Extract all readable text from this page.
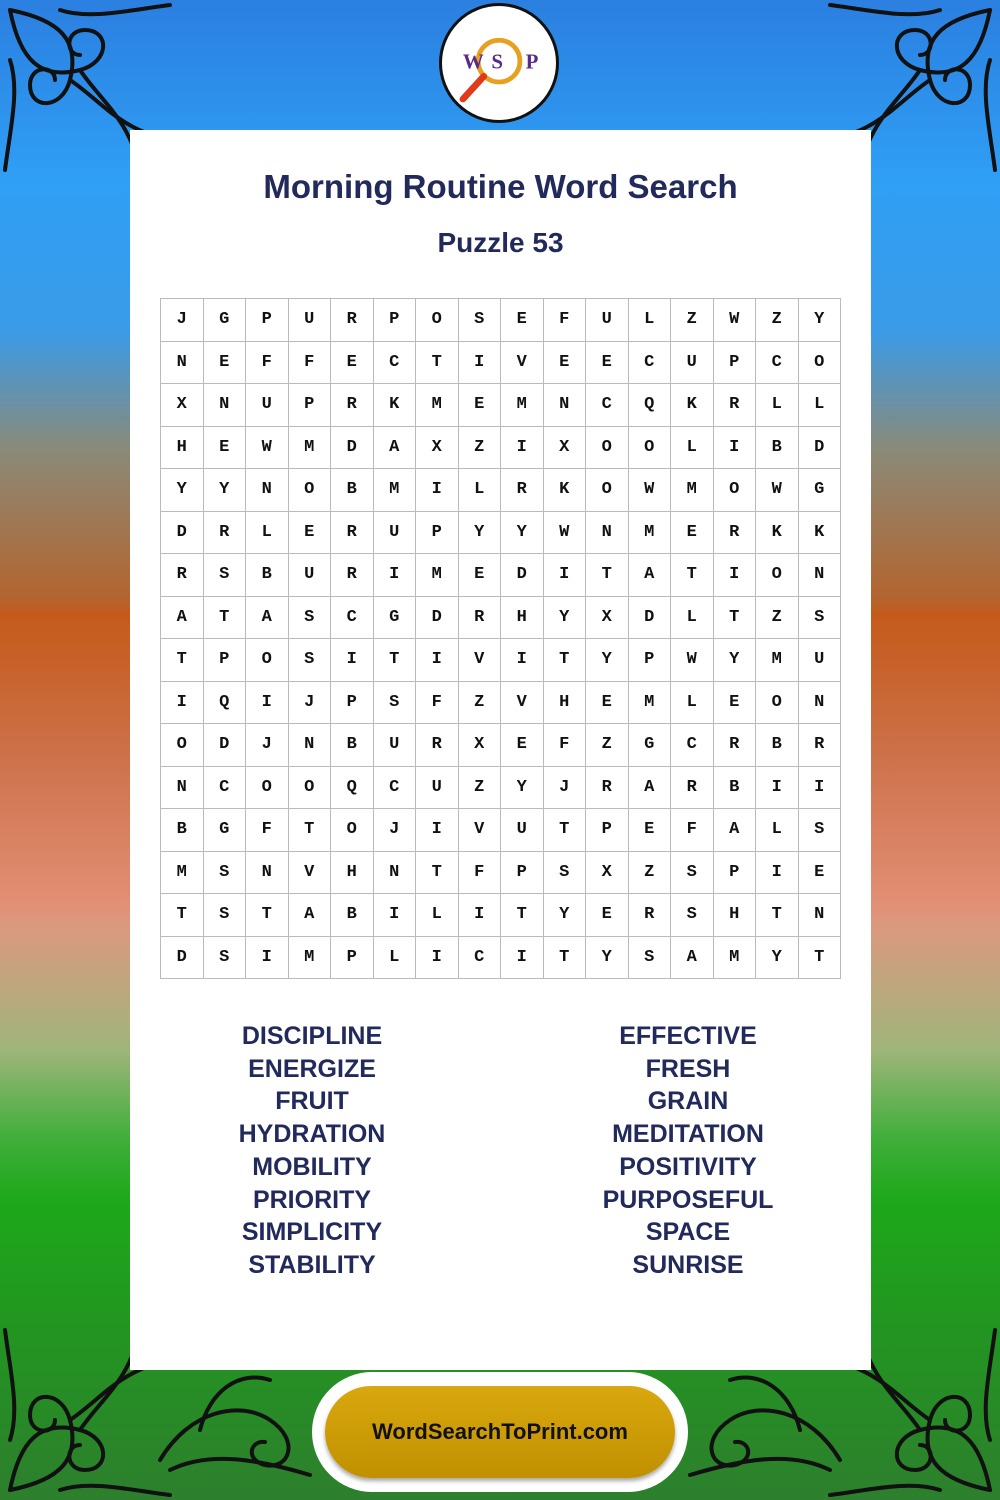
W S P
Morning Routine Word Search
Puzzle 53
J	G	P	U	R	P	O	S	E	F	U	L	Z	W	Z	Y
N	E	F	F	E	C	T	I	V	E	E	C	U	P	C	O
X	N	U	P	R	K	M	E	M	N	C	Q	K	R	L	L
H	E	W	M	D	A	X	Z	I	X	O	O	L	I	B	D
Y	Y	N	O	B	M	I	L	R	K	O	W	M	O	W	G
D	R	L	E	R	U	P	Y	Y	W	N	M	E	R	K	K
R	S	B	U	R	I	M	E	D	I	T	A	T	I	O	N
A	T	A	S	C	G	D	R	H	Y	X	D	L	T	Z	S
T	P	O	S	I	T	I	V	I	T	Y	P	W	Y	M	U
I	Q	I	J	P	S	F	Z	V	H	E	M	L	E	O	N
O	D	J	N	B	U	R	X	E	F	Z	G	C	R	B	R
N	C	O	O	Q	C	U	Z	Y	J	R	A	R	B	I	I
B	G	F	T	O	J	I	V	U	T	P	E	F	A	L	S
M	S	N	V	H	N	T	F	P	S	X	Z	S	P	I	E
T	S	T	A	B	I	L	I	T	Y	E	R	S	H	T	N
D	S	I	M	P	L	I	C	I	T	Y	S	A	M	Y	T
DISCIPLINE
ENERGIZE
FRUIT
HYDRATION
MOBILITY
PRIORITY
SIMPLICITY
STABILITY
EFFECTIVE
FRESH
GRAIN
MEDITATION
POSITIVITY
PURPOSEFUL
SPACE
SUNRISE
WordSearchToPrint.com
